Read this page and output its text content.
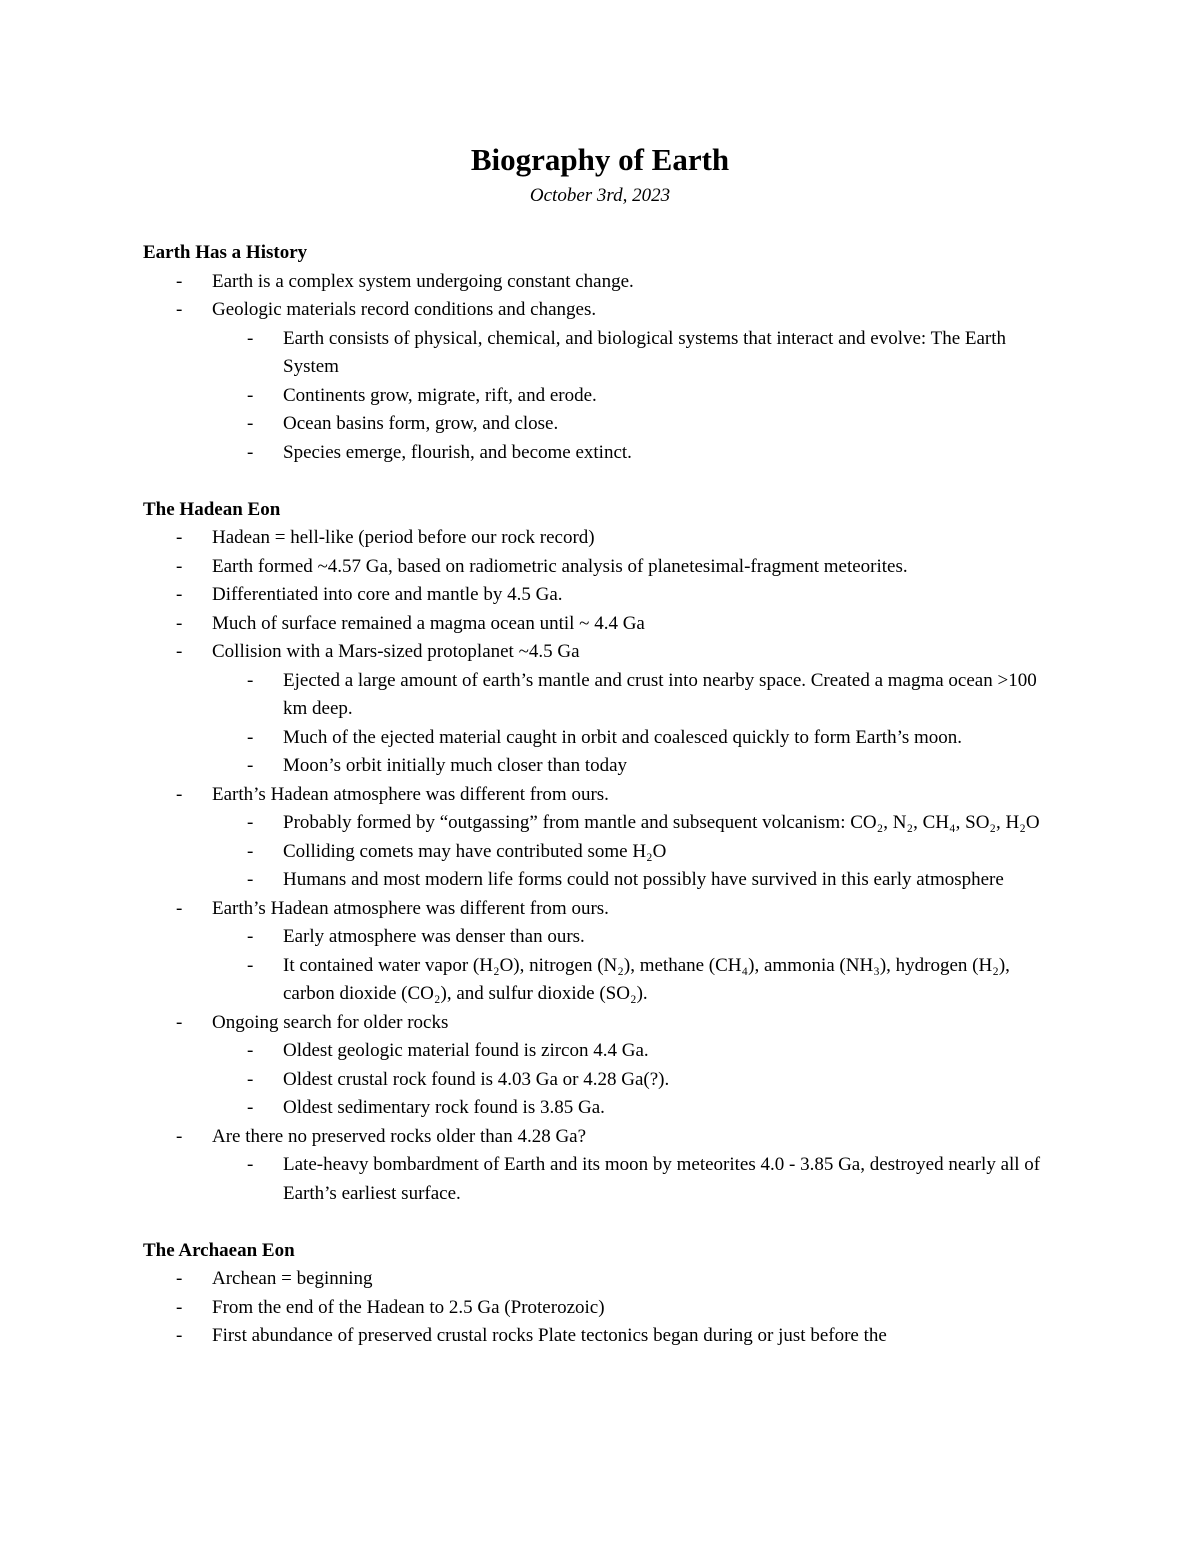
Biography of Earth
October 3rd, 2023
Earth Has a History
- Earth is a complex system undergoing constant change.
- Geologic materials record conditions and changes.
- Earth consists of physical, chemical, and biological systems that interact and evolve: The Earth System
- Continents grow, migrate, rift, and erode.
- Ocean basins form, grow, and close.
- Species emerge, flourish, and become extinct.
The Hadean Eon
- Hadean = hell-like (period before our rock record)
- Earth formed ~4.57 Ga, based on radiometric analysis of planetesimal-fragment meteorites.
- Differentiated into core and mantle by 4.5 Ga.
- Much of surface remained a magma ocean until ~ 4.4 Ga
- Collision with a Mars-sized protoplanet ~4.5 Ga
- Ejected a large amount of earth’s mantle and crust into nearby space. Created a magma ocean >100 km deep.
- Much of the ejected material caught in orbit and coalesced quickly to form Earth’s moon.
- Moon’s orbit initially much closer than today
- Earth’s Hadean atmosphere was different from ours.
- Probably formed by “outgassing” from mantle and subsequent volcanism: CO₂, N₂, CH₄, SO₂, H₂O
- Colliding comets may have contributed some H₂O
- Humans and most modern life forms could not possibly have survived in this early atmosphere
- Earth’s Hadean atmosphere was different from ours.
- Early atmosphere was denser than ours.
- It contained water vapor (H₂O), nitrogen (N₂), methane (CH₄), ammonia (NH₃), hydrogen (H₂), carbon dioxide (CO₂), and sulfur dioxide (SO₂).
- Ongoing search for older rocks
- Oldest geologic material found is zircon 4.4 Ga.
- Oldest crustal rock found is 4.03 Ga or 4.28 Ga(?).
- Oldest sedimentary rock found is 3.85 Ga.
- Are there no preserved rocks older than 4.28 Ga?
- Late-heavy bombardment of Earth and its moon by meteorites 4.0 - 3.85 Ga, destroyed nearly all of Earth’s earliest surface.
The Archaean Eon
- Archean = beginning
- From the end of the Hadean to 2.5 Ga (Proterozoic)
- First abundance of preserved crustal rocks Plate tectonics began during or just before the
